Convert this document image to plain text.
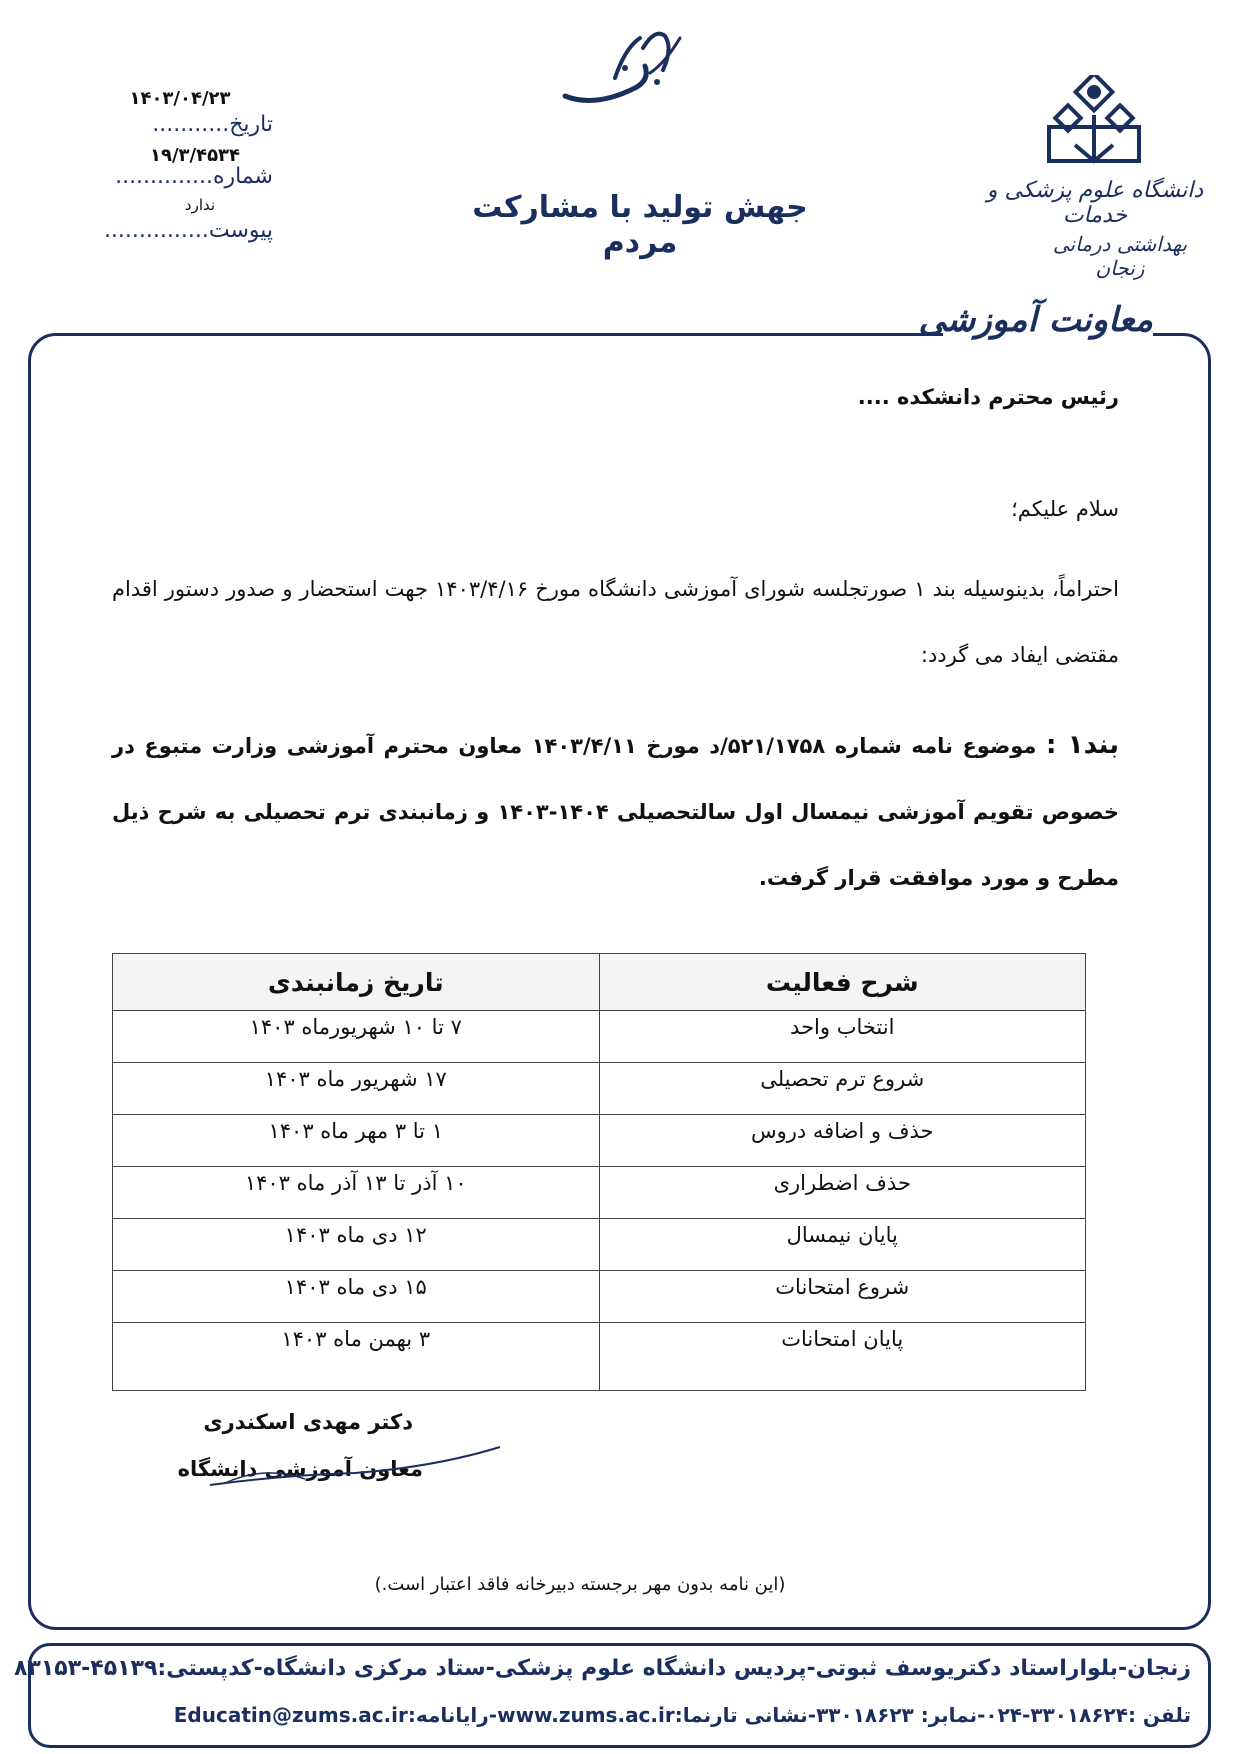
دانشگاه علوم پزشکی و خدمات
بهداشتی درمانی زنجان
جهش تولید با مشارکت مردم
۱۴۰۳/۰۴/۲۳
تاریخ...........
۱۹/۳/۴۵۳۴
شماره..............
ندارد
پیوست...............
معاونت آموزشی
رئیس محترم دانشکده ....
سلام علیکم؛
احتراماً، بدینوسیله بند ۱ صورتجلسه شورای آموزشی دانشگاه مورخ ۱۴۰۳/۴/۱۶ جهت استحضار و صدور دستور اقدام مقتضی ایفاد می گردد:
بند۱ : موضوع نامه شماره ۵۲۱/۱۷۵۸/د مورخ ۱۴۰۳/۴/۱۱ معاون محترم آموزشی وزارت متبوع در خصوص تقویم آموزشی نیمسال اول سالتحصیلی ۱۴۰۴-۱۴۰۳ و زمانبندی ترم تحصیلی به شرح ذیل مطرح و مورد موافقت قرار گرفت.
شرح فعالیت	تاریخ زمانبندی
انتخاب واحد	۷ تا ۱۰ شهریورماه ۱۴۰۳
شروع ترم تحصیلی	۱۷ شهریور ماه ۱۴۰۳
حذف و اضافه دروس	۱ تا ۳ مهر ماه ۱۴۰۳
حذف اضطراری	۱۰ آذر تا ۱۳ آذر ماه ۱۴۰۳
پایان نیمسال	۱۲ دی ماه ۱۴۰۳
شروع امتحانات	۱۵ دی ماه ۱۴۰۳
پایان امتحانات	۳ بهمن ماه ۱۴۰۳
دکتر مهدی اسکندری
معاون آموزشی دانشگاه
(این نامه بدون مهر برجسته دبیرخانه فاقد اعتبار است.)
زنجان-بلواراستاد دکتریوسف ثبوتی-پردیس دانشگاه علوم پزشکی-ستاد مرکزی دانشگاه-کدپستی:۴۵۱۳۹-۸۳۱۵۳
تلفن :۳۳۰۱۸۶۲۴-۰۲۴-نمابر: ۳۳۰۱۸۶۲۳-نشانی تارنما:www.zums.ac.ir-رایانامه:Educatin@zums.ac.ir
